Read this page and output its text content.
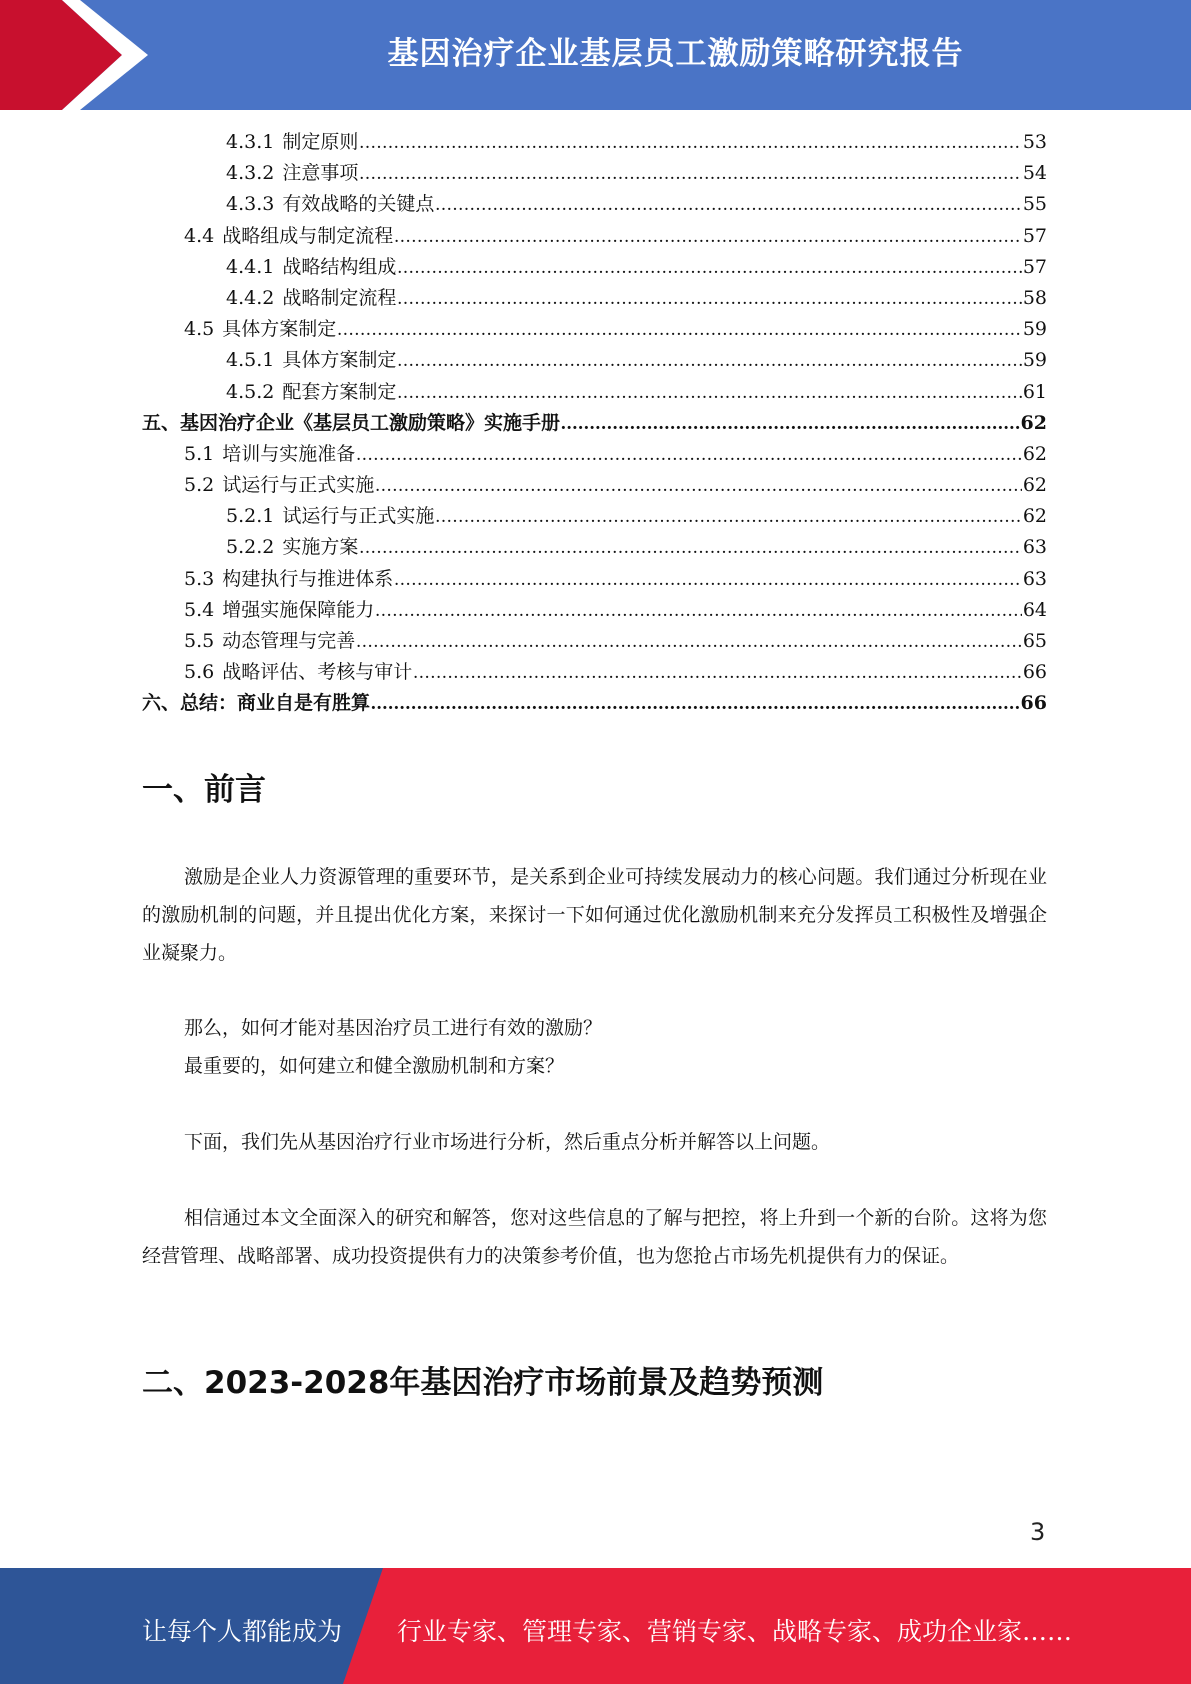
基因治疗企业基层员工激励策略研究报告
4.3.1 制定原则 .....	53
4.3.2 注意事项 .....	54
4.3.3 有效战略的关键点 .....	55
4.4 战略组成与制定流程 .....	57
4.4.1 战略结构组成 .....	57
4.4.2 战略制定流程 .....	58
4.5 具体方案制定 .....	59
4.5.1 具体方案制定 .....	59
4.5.2 配套方案制定 .....	61
五、基因治疗企业《基层员工激励策略》实施手册 .....	62
5.1 培训与实施准备 .....	62
5.2 试运行与正式实施 .....	62
5.2.1 试运行与正式实施 .....	62
5.2.2 实施方案 .....	63
5.3 构建执行与推进体系 .....	63
5.4 增强实施保障能力 .....	64
5.5 动态管理与完善 .....	65
5.6 战略评估、考核与审计 .....	66
六、总结：商业自是有胜算 .....	66
一、前言

激励是企业人力资源管理的重要环节，是关系到企业可持续发展动力的核心问题。我们通过分析现在业的激励机制的问题，并且提出优化方案，来探讨一下如何通过优化激励机制来充分发挥员工积极性及增强企业凝聚力。

那么，如何才能对基因治疗员工进行有效的激励？

最重要的，如何建立和健全激励机制和方案？

下面，我们先从基因治疗行业市场进行分析，然后重点分析并解答以上问题。

相信通过本文全面深入的研究和解答，您对这些信息的了解与把控，将上升到一个新的台阶。这将为您经营管理、战略部署、成功投资提供有力的决策参考价值，也为您抢占市场先机提供有力的保证。

二、2023-2028年基因治疗市场前景及趋势预测
3
让每个人都能成为 行业专家、管理专家、营销专家、战略专家、成功企业家……
